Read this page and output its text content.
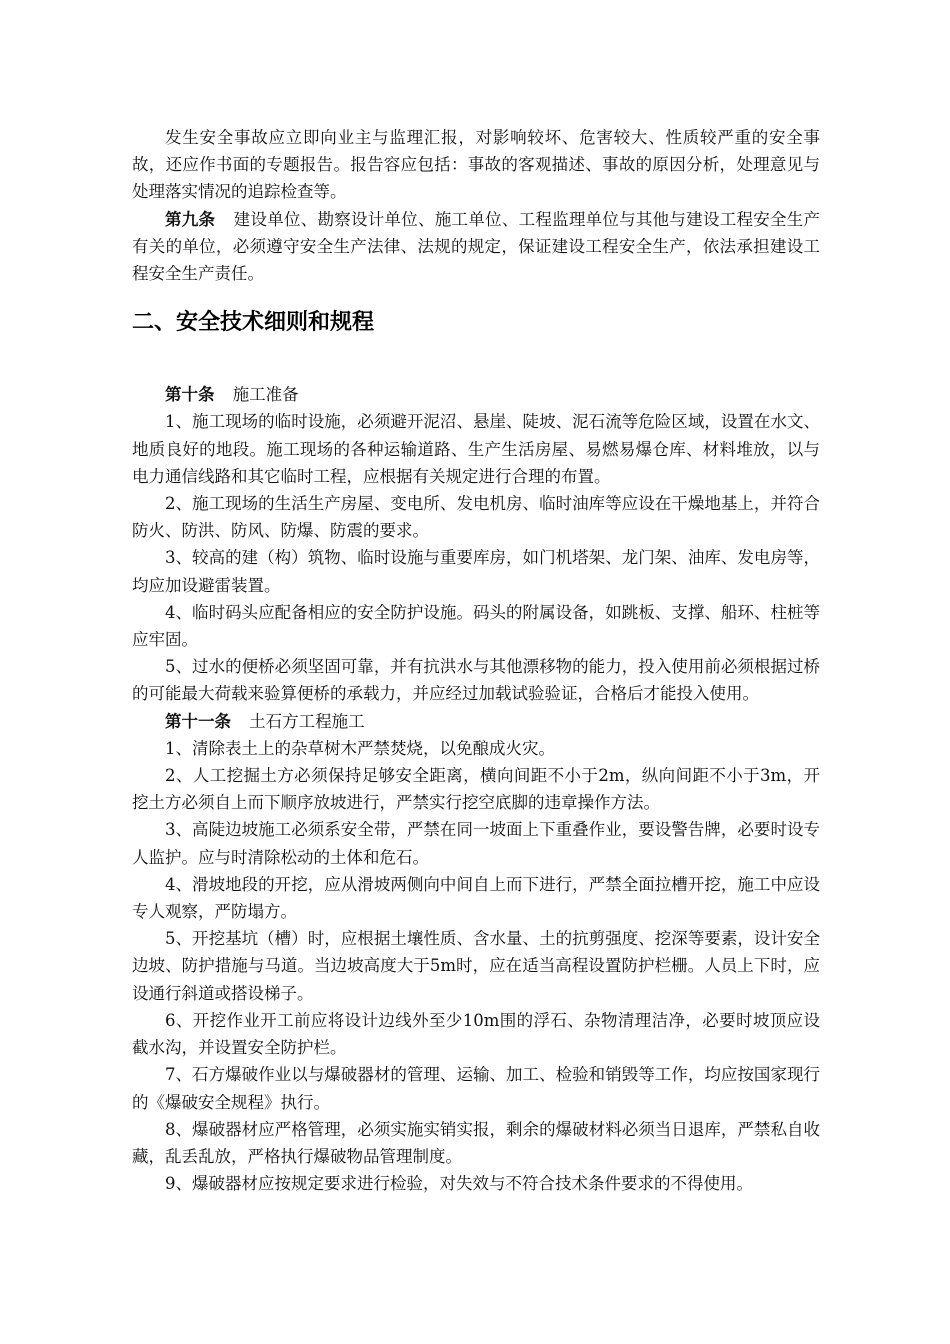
发生安全事故应立即向业主与监理汇报，对影响较坏、危害较大、性质较严重的安全事故，还应作书面的专题报告。报告容应包括：事故的客观描述、事故的原因分析，处理意见与处理落实情况的追踪检查等。

第九条 建设单位、勘察设计单位、施工单位、工程监理单位与其他与建设工程安全生产有关的单位，必须遵守安全生产法律、法规的规定，保证建设工程安全生产，依法承担建设工程安全生产责任。

二、安全技术细则和规程

第十条 施工准备

1、施工现场的临时设施，必须避开泥沼、悬崖、陡坡、泥石流等危险区域，设置在水文、地质良好的地段。施工现场的各种运输道路、生产生活房屋、易燃易爆仓库、材料堆放，以与电力通信线路和其它临时工程，应根据有关规定进行合理的布置。

2、施工现场的生活生产房屋、变电所、发电机房、临时油库等应设在干燥地基上，并符合防火、防洪、防风、防爆、防震的要求。

3、较高的建（构）筑物、临时设施与重要库房，如门机塔架、龙门架、油库、发电房等，均应加设避雷装置。

4、临时码头应配备相应的安全防护设施。码头的附属设备，如跳板、支撑、船环、柱桩等应牢固。

5、过水的便桥必须坚固可靠，并有抗洪水与其他漂移物的能力，投入使用前必须根据过桥的可能最大荷载来验算便桥的承载力，并应经过加载试验验证，合格后才能投入使用。

第十一条 土石方工程施工

1、清除表土上的杂草树木严禁焚烧，以免酿成火灾。

2、人工挖掘土方必须保持足够安全距离，横向间距不小于2m，纵向间距不小于3m，开挖土方必须自上而下顺序放坡进行，严禁实行挖空底脚的违章操作方法。

3、高陡边坡施工必须系安全带，严禁在同一坡面上下重叠作业，要设警告牌，必要时设专人监护。应与时清除松动的土体和危石。

4、滑坡地段的开挖，应从滑坡两侧向中间自上而下进行，严禁全面拉槽开挖，施工中应设专人观察，严防塌方。

5、开挖基坑（槽）时，应根据土壤性质、含水量、土的抗剪强度、挖深等要素，设计安全边坡、防护措施与马道。当边坡高度大于5m时，应在适当高程设置防护栏栅。人员上下时，应设通行斜道或搭设梯子。

6、开挖作业开工前应将设计边线外至少10m围的浮石、杂物清理洁净，必要时坡顶应设截水沟，并设置安全防护栏。

7、石方爆破作业以与爆破器材的管理、运输、加工、检验和销毁等工作，均应按国家现行的《爆破安全规程》执行。

8、爆破器材应严格管理，必须实施实销实报，剩余的爆破材料必须当日退库，严禁私自收藏，乱丢乱放，严格执行爆破物品管理制度。

9、爆破器材应按规定要求进行检验，对失效与不符合技术条件要求的不得使用。
